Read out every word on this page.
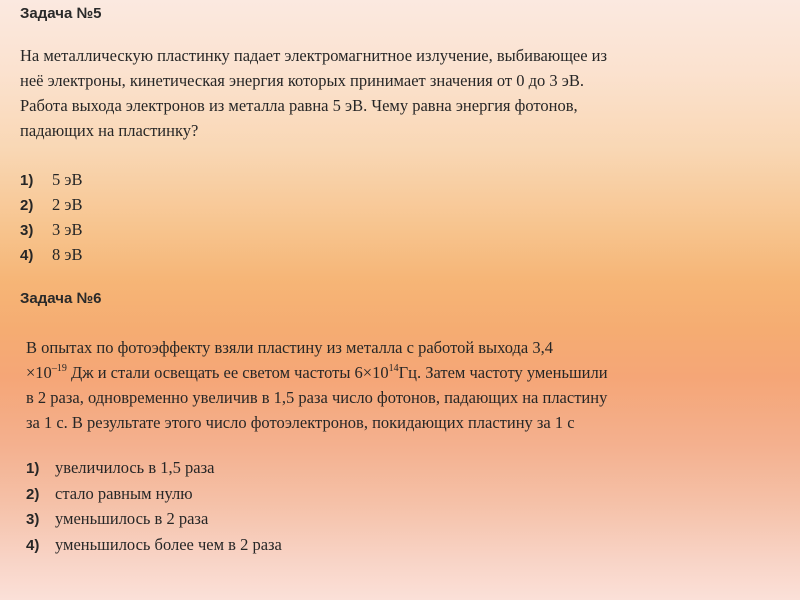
Задача №5
На металлическую пластинку падает электромагнитное излучение, выбивающее из
неё электроны, кинетическая энергия которых принимает значения от 0 до 3 эВ.
Работа выхода электронов из металла равна 5 эВ. Чему равна энергия фотонов,
падающих на пластинку?
1) 5 эВ
2) 2 эВ
3) 3 эВ
4) 8 эВ
Задача №6
В опытах по фотоэффекту взяли пластину из металла с работой выхода 3,4
$\times 10^{-19}$ Дж и стали освещать ее светом частоты $6\times 10^{14}Гц$. Затем частоту уменьшили
в 2 раза, одновременно увеличив в 1,5 раза число фотонов, падающих на пластину
за 1 с. В результате этого число фотоэлектронов, покидающих пластину за 1 с
1) увеличилось в 1,5 раза
2) стало равным нулю
3) уменьшилось в 2 раза
4) уменьшилось более чем в 2 раза
